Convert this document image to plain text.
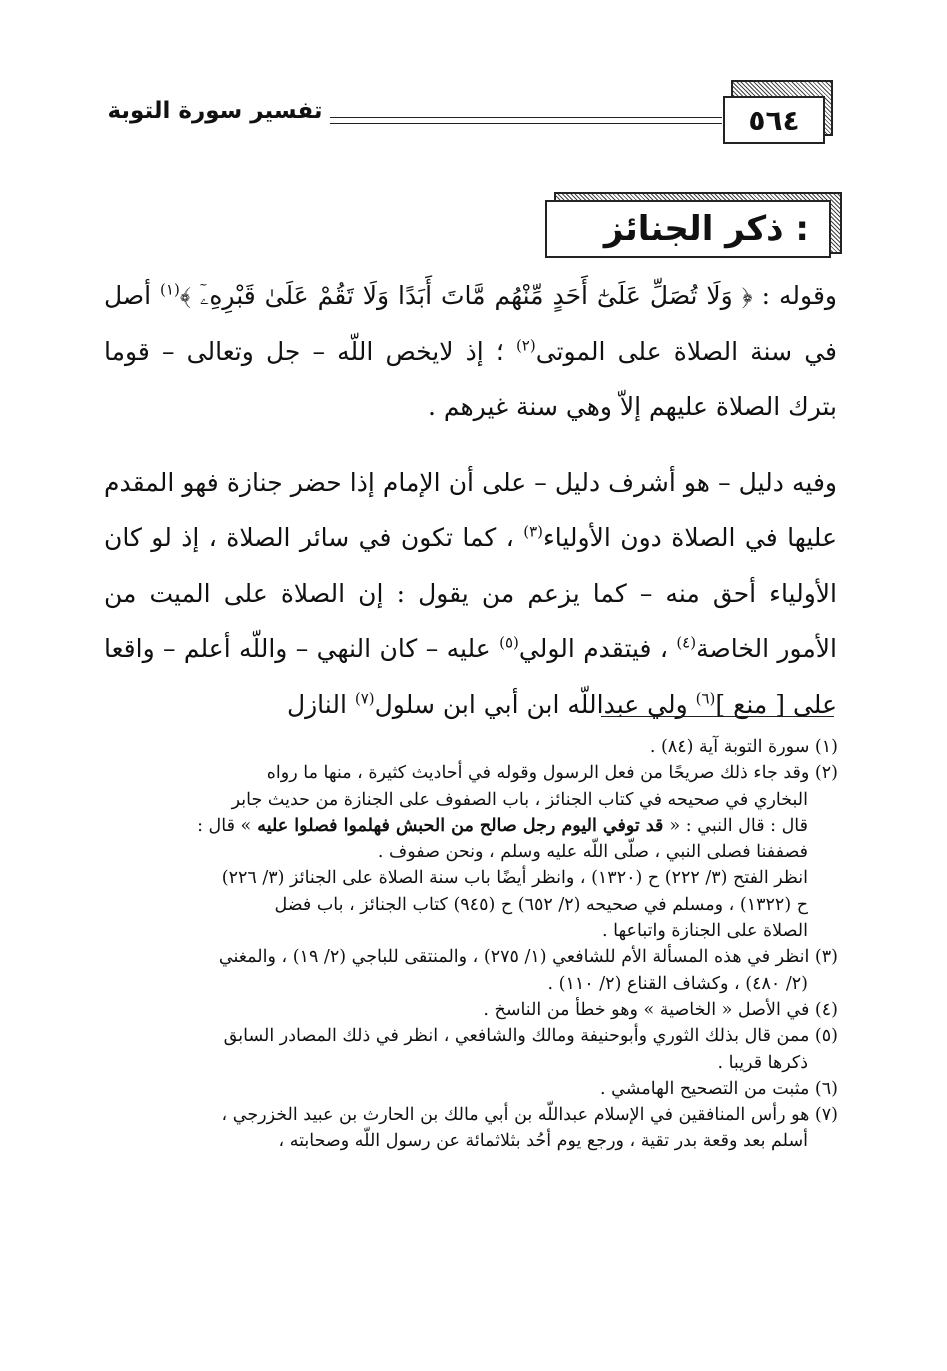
٥٦٤
تفسير سورة التوبة
ذكر الجنائز :

وقوله : ﴿ وَلَا تُصَلِّ عَلَىٰٓ أَحَدٍ مِّنْهُم مَّاتَ أَبَدًا وَلَا تَقُمْ عَلَىٰ قَبْرِهِۦٓ ﴾$^{(١)}$ أصل في سنة الصلاة على الموتى$^{(٢)}$ ؛ إذ لايخص اللّه – جل وتعالى – قوما بترك الصلاة عليهم إلاّ وهي سنة غيرهم .

وفيه دليل – هو أشرف دليل – على أن الإمام إذا حضر جنازة فهو المقدم عليها في الصلاة دون الأولياء$^{(٣)}$ ، كما تكون في سائر الصلاة ، إذ لو كان الأولياء أحق منه – كما يزعم من يقول : إن الصلاة على الميت من الأمور الخاصة$^{(٤)}$ ، فيتقدم الولي$^{(٥)}$ عليه – كان النهي – واللّه أعلم – واقعا على [ منع ]$^{(٦)}$ ولي عبداللّه ابن أبي ابن سلول$^{(٧)}$ النازل

(١) سورة التوبة آية (٨٤) .
(٢) وقد جاء ذلك صريحًا من فعل الرسول وقوله في أحاديث كثيرة ، منها ما رواه
البخاري في صحيحه في كتاب الجنائز ، باب الصفوف على الجنازة من حديث جابر
قال : قال النبي : « قد توفي اليوم رجل صالح من الحبش فهلموا فصلوا عليه » قال :
فصففنا فصلى النبي ، صلّى اللّه عليه وسلم ، ونحن صفوف .
انظر الفتح (٣/ ٢٢٢) ح (١٣٢٠) ، وانظر أيضًا باب سنة الصلاة على الجنائز (٣/ ٢٢٦)
ح (١٣٢٢) ، ومسلم في صحيحه (٢/ ٦٥٢) ح (٩٤٥) كتاب الجنائز ، باب فضل
الصلاة على الجنازة واتباعها .
(٣) انظر في هذه المسألة الأم للشافعي (١/ ٢٧٥) ، والمنتقى للباجي (٢/ ١٩) ، والمغني
(٢/ ٤٨٠) ، وكشاف القناع (٢/ ١١٠) .
(٤) في الأصل « الخاصية » وهو خطأ من الناسخ .
(٥) ممن قال بذلك الثوري وأبوحنيفة ومالك والشافعي ، انظر في ذلك المصادر السابق
ذكرها قريبا .
(٦) مثبت من التصحيح الهامشي .
(٧) هو رأس المنافقين في الإسلام عبداللّه بن أبي مالك بن الحارث بن عبيد الخزرجي ،
أسلم بعد وقعة بدر تقية ، ورجع يوم أحُد بثلاثمائة عن رسول اللّه وصحابته ،
